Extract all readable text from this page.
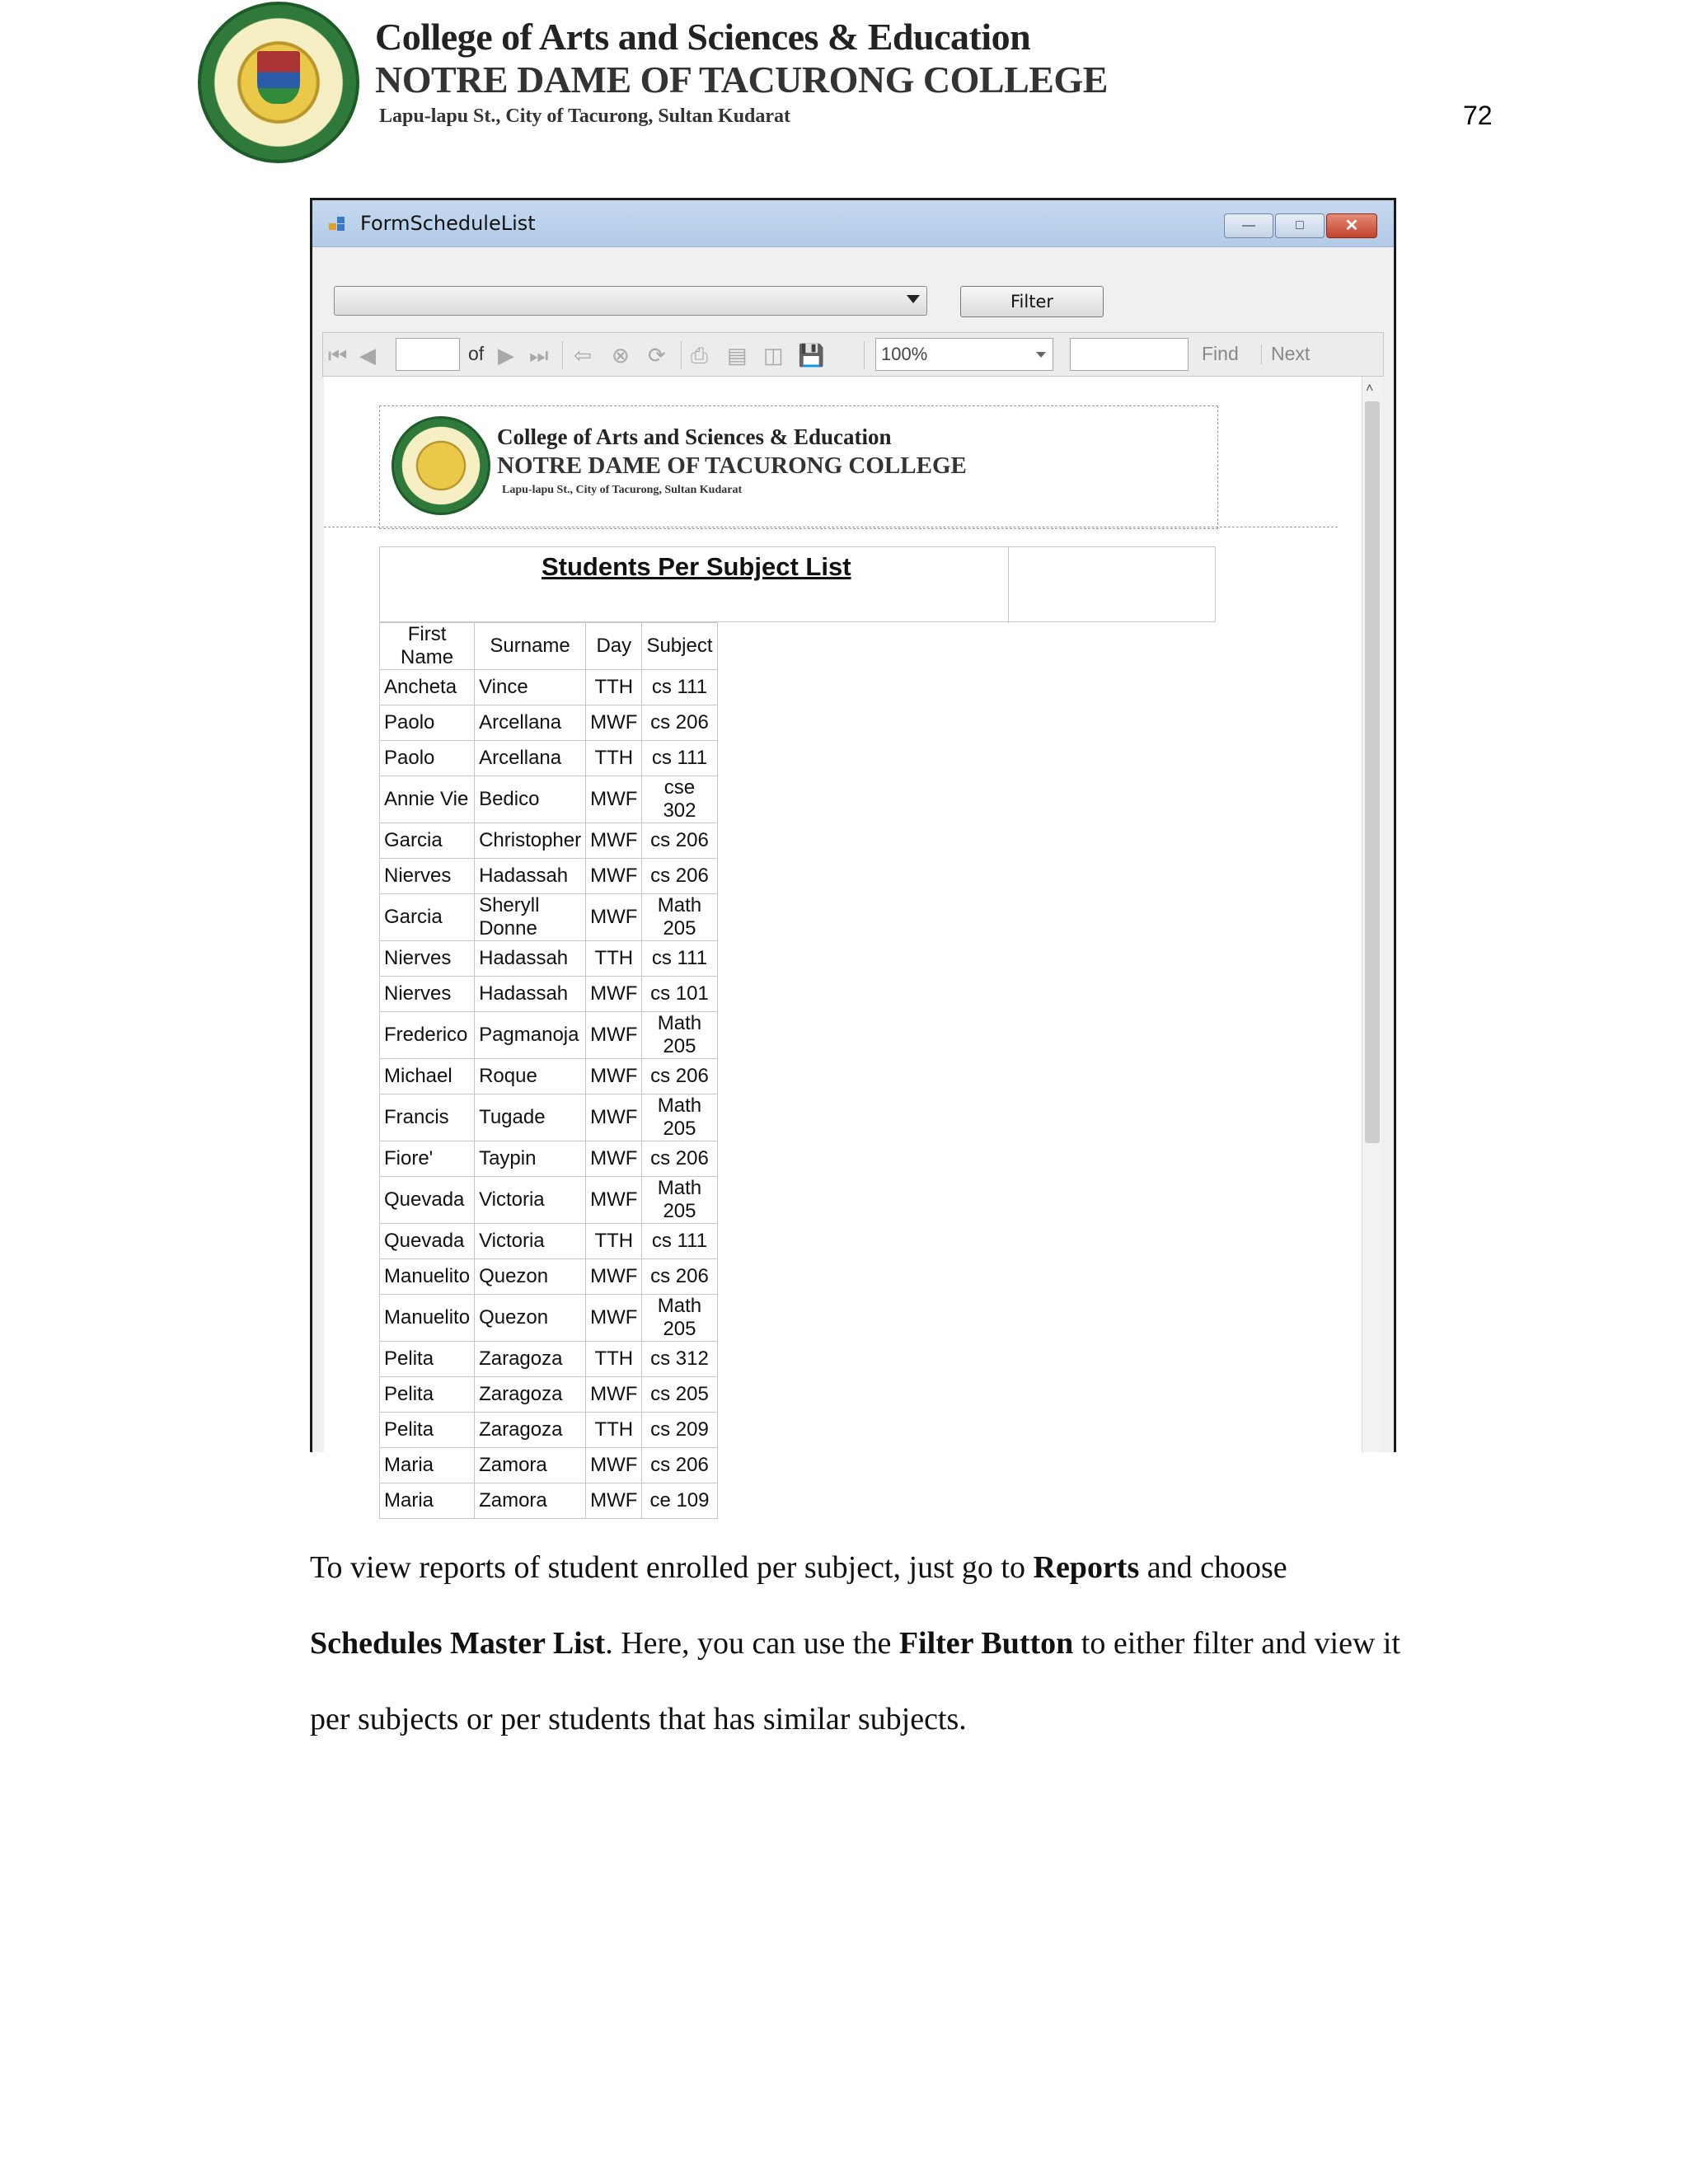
College of Arts and Sciences & Education
NOTRE DAME OF TACURONG COLLEGE
Lapu-lapu St., City of Tacurong, Sultan Kudarat	72
FormScheduleList	—	□	✕
Filter
⏮ ◀	of ▶ ⏭ ⇦ ⊗ ⟳ ⎙ ▤ ◫ 💾	100%	Find Next
College of Arts and Sciences & Education
NOTRE DAME OF TACURONG COLLEGE
Lapu-lapu St., City of Tacurong, Sultan Kudarat
Students Per Subject List
First Name	Surname	Day	Subject
Ancheta	Vince	TTH	cs 111
Paolo	Arcellana	MWF	cs 206
Paolo	Arcellana	TTH	cs 111
Annie Vie	Bedico	MWF	cse 302
Garcia	Christopher	MWF	cs 206
Nierves	Hadassah	MWF	cs 206
Garcia	Sheryll Donne	MWF	Math 205
Nierves	Hadassah	TTH	cs 111
Nierves	Hadassah	MWF	cs 101
Frederico	Pagmanoja	MWF	Math 205
Michael	Roque	MWF	cs 206
Francis	Tugade	MWF	Math 205
Fiore'	Taypin	MWF	cs 206
Quevada	Victoria	MWF	Math 205
Quevada	Victoria	TTH	cs 111
Manuelito	Quezon	MWF	cs 206
Manuelito	Quezon	MWF	Math 205
Pelita	Zaragoza	TTH	cs 312
Pelita	Zaragoza	MWF	cs 205
Pelita	Zaragoza	TTH	cs 209
Maria	Zamora	MWF	cs 206
Maria	Zamora	MWF	ce 109
˄
To view reports of student enrolled per subject, just go to Reports and choose
Schedules Master List. Here, you can use the Filter Button to either filter and view it
per subjects or per students that has similar subjects.
